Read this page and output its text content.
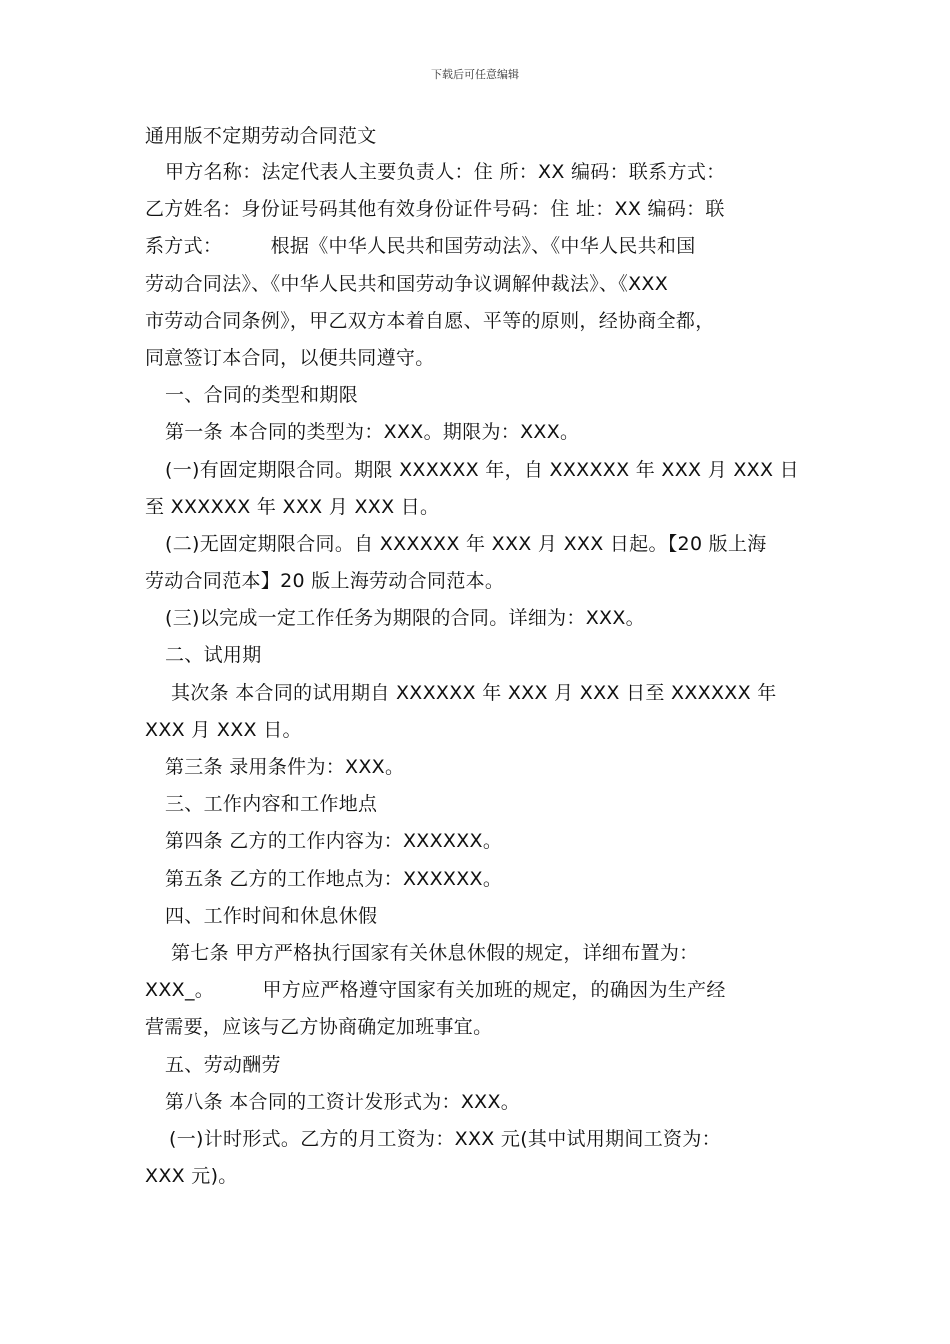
下载后可任意编辑
通用版不定期劳动合同范文
甲方名称：法定代表人主要负责人：住 所：XX 编码：联系方式：
乙方姓名：身份证号码其他有效身份证件号码：住 址：XX 编码：联
系方式：　　　根据《中华人民共和国劳动法》、《中华人民共和国
劳动合同法》、《中华人民共和国劳动争议调解仲裁法》、《XXX
市劳动合同条例》，甲乙双方本着自愿、平等的原则，经协商全都，
同意签订本合同，以便共同遵守。
一、合同的类型和期限
第一条 本合同的类型为：XXX。期限为：XXX。
(一)有固定期限合同。期限 XXXXXX 年，自 XXXXXX 年 XXX 月 XXX 日
至 XXXXXX 年 XXX 月 XXX 日。
(二)无固定期限合同。自 XXXXXX 年 XXX 月 XXX 日起。【20 版上海
劳动合同范本】20 版上海劳动合同范本。
(三)以完成一定工作任务为期限的合同。详细为：XXX。
二、试用期
其次条 本合同的试用期自 XXXXXX 年 XXX 月 XXX 日至 XXXXXX 年
XXX 月 XXX 日。
第三条 录用条件为：XXX。
三、工作内容和工作地点
第四条 乙方的工作内容为：XXXXXX。
第五条 乙方的工作地点为：XXXXXX。
四、工作时间和休息休假
第七条 甲方严格执行国家有关休息休假的规定，详细布置为：
XXX_。　　　甲方应严格遵守国家有关加班的规定，的确因为生产经
营需要，应该与乙方协商确定加班事宜。
五、劳动酬劳
第八条 本合同的工资计发形式为：XXX。
(一)计时形式。乙方的月工资为：XXX 元(其中试用期间工资为：
XXX 元)。
